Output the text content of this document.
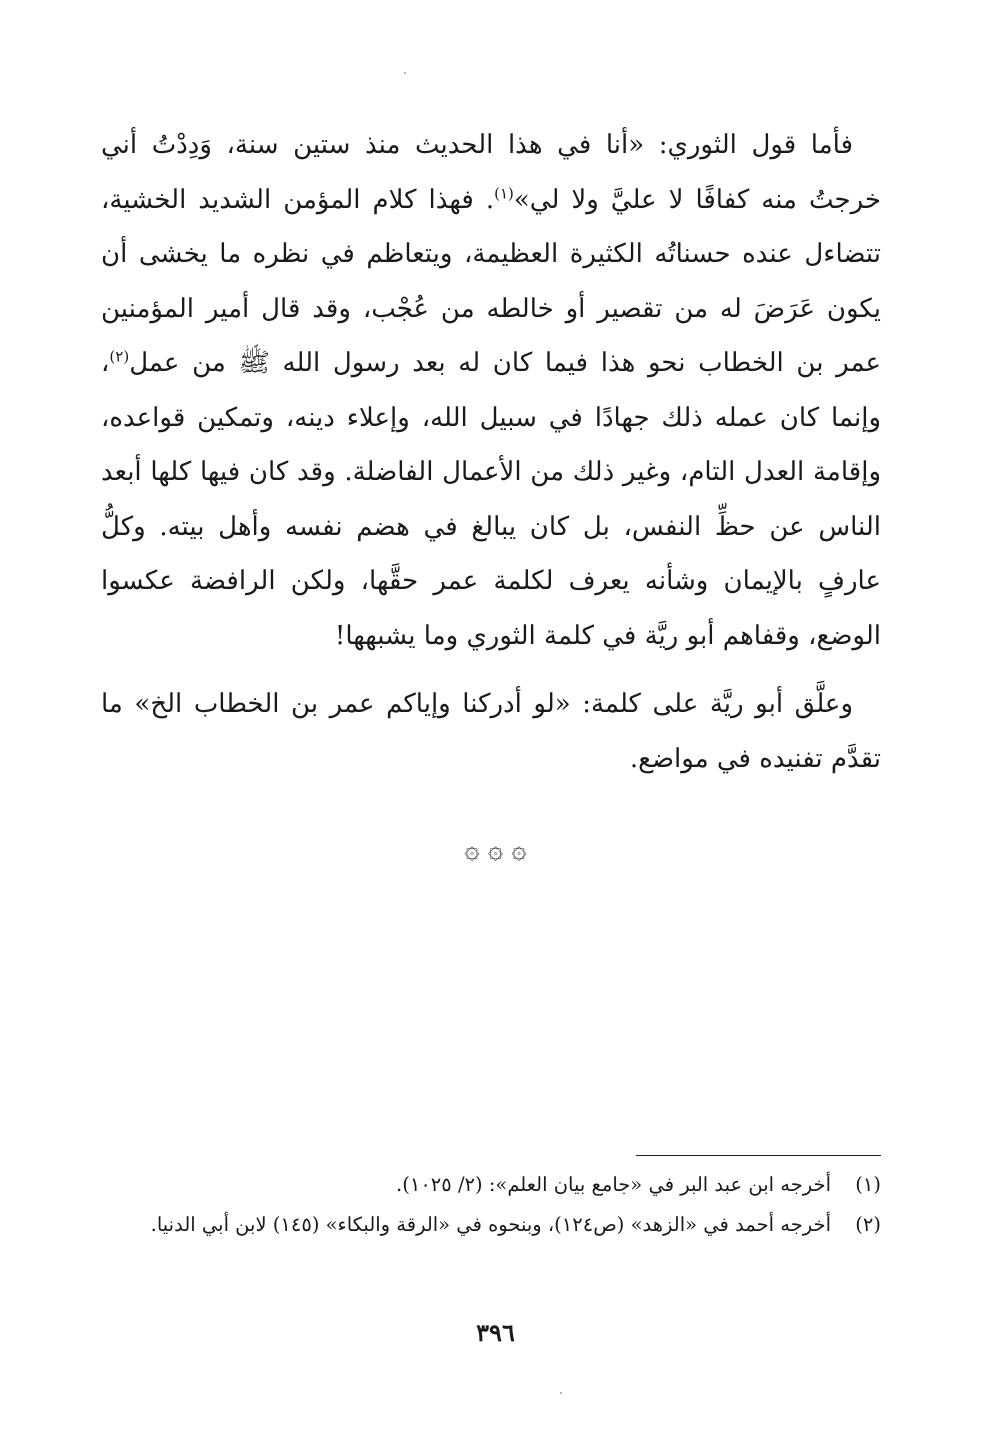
فأما قول الثوري: «أنا في هذا الحديث منذ ستين سنة، وَدِدْتُ أني خرجتُ منه كفافًا لا عليَّ ولا لي»$^{(١)}$. فهذا كلام المؤمن الشديد الخشية، تتضاءل عنده حسناتُه الكثيرة العظيمة، ويتعاظم في نظره ما يخشى أن يكون عَرَضَ له من تقصير أو خالطه من عُجْب، وقد قال أمير المؤمنين عمر بن الخطاب نحو هذا فيما كان له بعد رسول الله ﷺ من عمل$^{(٢)}$، وإنما كان عمله ذلك جهادًا في سبيل الله، وإعلاء دينه، وتمكين قواعده، وإقامة العدل التام، وغير ذلك من الأعمال الفاضلة. وقد كان فيها كلها أبعد الناس عن حظِّ النفس، بل كان يبالغ في هضم نفسه وأهل بيته. وكلُّ عارفٍ بالإيمان وشأنه يعرف لكلمة عمر حقَّها، ولكن الرافضة عكسوا الوضع، وقفاهم أبو ريَّة في كلمة الثوري وما يشبهها!

وعلَّق أبو ريَّة على كلمة: «لو أدركنا وإياكم عمر بن الخطاب الخ» ما تقدَّم تفنيده في مواضع.

۞ ۞ ۞

(١)أخرجه ابن عبد البر في «جامع بيان العلم»: (٢/ ١٠٢٥).

(٢)أخرجه أحمد في «الزهد» (ص١٢٤)، وبنحوه في «الرقة والبكاء» (١٤٥) لابن أبي الدنيا.

٣٩٦
